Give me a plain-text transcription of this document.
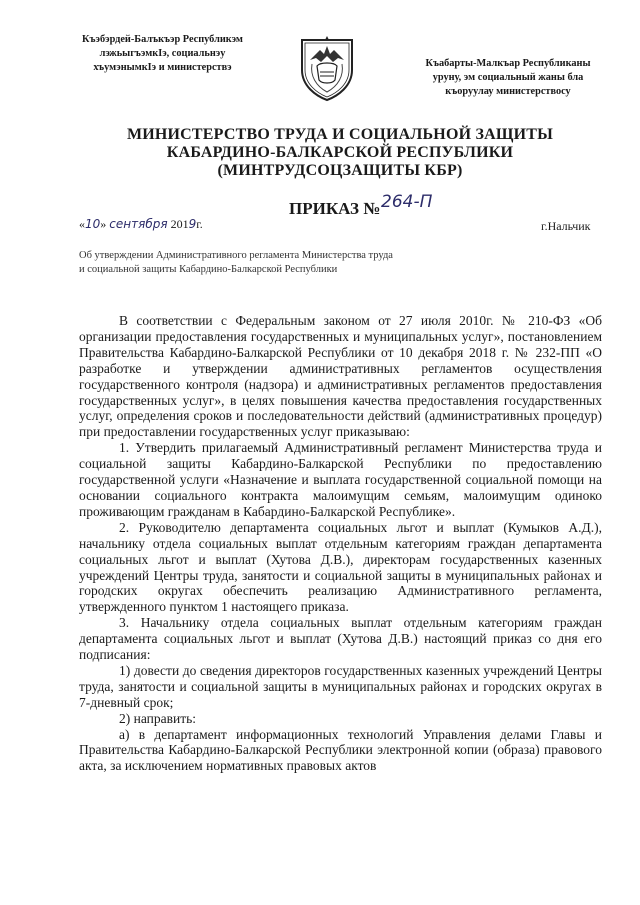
Къэбэрдей-Балъкъэр Республикэм
лэжьыгъэмкIэ, социальнэу
хъумэнымкIэ и министерствэ	Къабарты-Малкъар Республиканы
уруну, эм социальный жаны бла
къоруулау министерствосу
МИНИСТЕРСТВО ТРУДА И СОЦИАЛЬНОЙ ЗАЩИТЫ
КАБАРДИНО-БАЛКАРСКОЙ РЕСПУБЛИКИ
(МИНТРУДСОЦЗАЩИТЫ КБР)
ПРИКАЗ № 264-П
«10» сентября 2019г.	г.Нальчик
Об утверждении Административного регламента Министерства труда
и социальной защиты Кабардино-Балкарской Республики

В соответствии с Федеральным законом от 27 июля 2010г. № 210-ФЗ «Об организации предоставления государственных и муниципальных услуг», постановлением Правительства Кабардино-Балкарской Республики от 10 декабря 2018 г. № 232-ПП «О разработке и утверждении административных регламентов осуществления государственного контроля (надзора) и административных регламентов предоставления государственных услуг», в целях повышения качества предоставления государственных услуг, определения сроков и последовательности действий (административных процедур) при предоставлении государственных услуг приказываю:

1. Утвердить прилагаемый Административный регламент Министерства труда и социальной защиты Кабардино-Балкарской Республики по предоставлению государственной услуги «Назначение и выплата государственной социальной помощи на основании социального контракта малоимущим семьям, малоимущим одиноко проживающим гражданам в Кабардино-Балкарской Республике».

2. Руководителю департамента социальных льгот и выплат (Кумыков А.Д.), начальнику отдела социальных выплат отдельным категориям граждан департамента социальных льгот и выплат (Хутова Д.В.), директорам государственных казенных учреждений Центры труда, занятости и социальной защиты в муниципальных районах и городских округах обеспечить реализацию Административного регламента, утвержденного пунктом 1 настоящего приказа.

3. Начальнику отдела социальных выплат отдельным категориям граждан департамента социальных льгот и выплат (Хутова Д.В.) настоящий приказ со дня его подписания:

1) довести до сведения директоров государственных казенных учреждений Центры труда, занятости и социальной защиты в муниципальных районах и городских округах в 7-дневный срок;

2) направить:

а) в департамент информационных технологий Управления делами Главы и Правительства Кабардино-Балкарской Республики электронной копии (образа) правового акта, за исключением нормативных правовых актов
